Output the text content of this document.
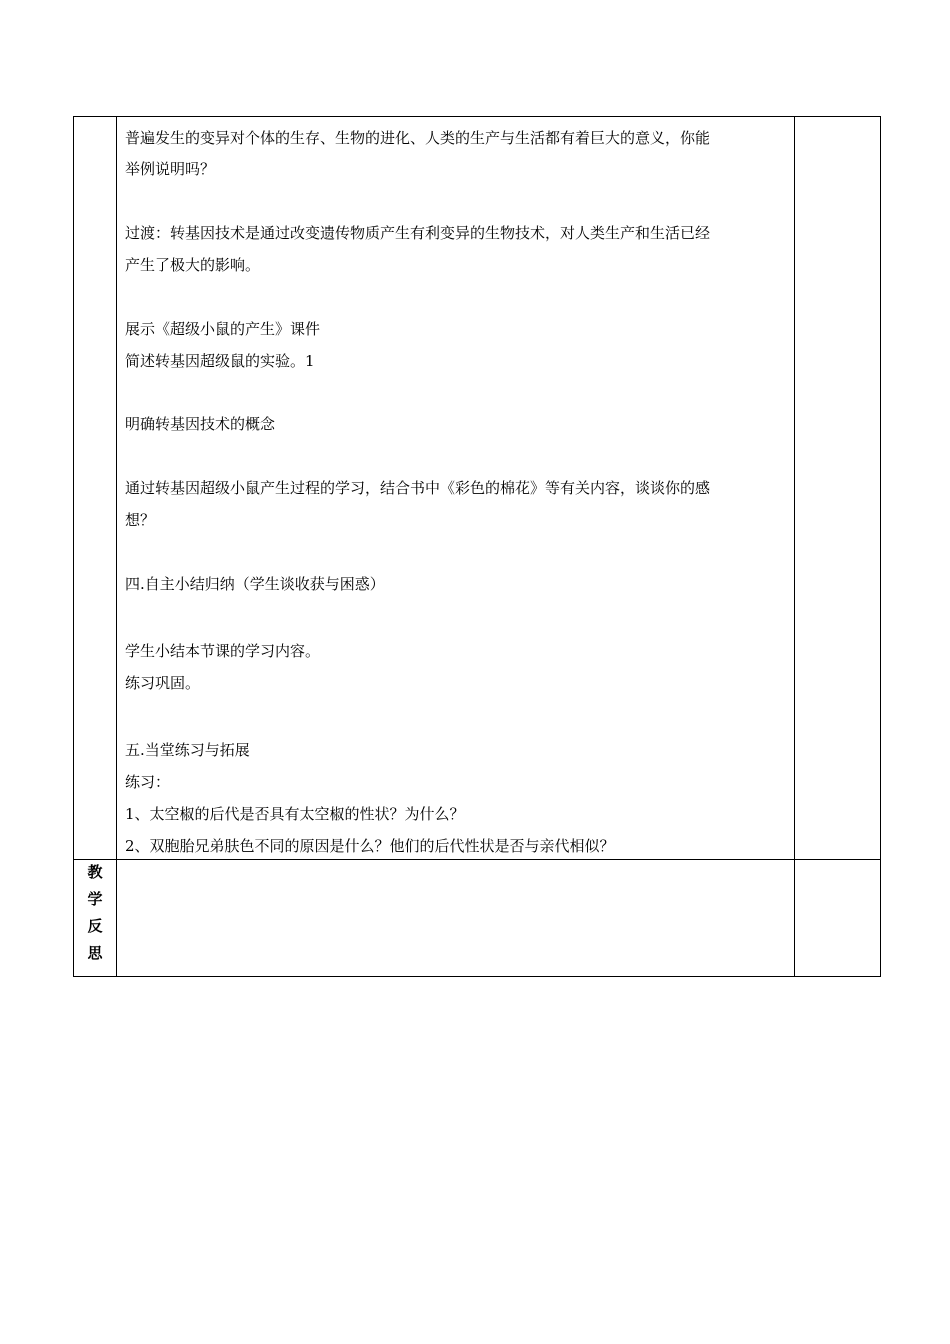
普遍发生的变异对个体的生存、生物的进化、人类的生产与生活都有着巨大的意义，你能
举例说明吗？
过渡：转基因技术是通过改变遗传物质产生有利变异的生物技术，对人类生产和生活已经
产生了极大的影响。
展示《超级小鼠的产生》课件
简述转基因超级鼠的实验。1
明确转基因技术的概念
通过转基因超级小鼠产生过程的学习，结合书中《彩色的棉花》等有关内容，谈谈你的感
想？
四.自主小结归纳（学生谈收获与困惑）
学生小结本节课的学习内容。
练习巩固。
五.当堂练习与拓展
练习：
1、太空椒的后代是否具有太空椒的性状？为什么？
2、双胞胎兄弟肤色不同的原因是什么？他们的后代性状是否与亲代相似？
教
学
反
思
